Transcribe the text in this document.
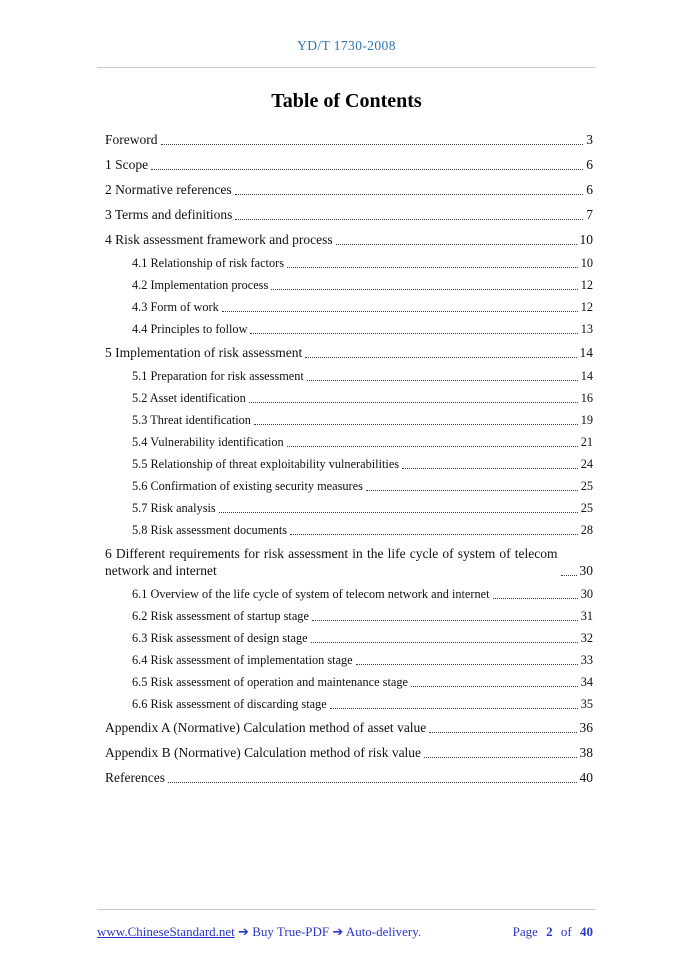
YD/T 1730-2008
Table of Contents
Foreword	3
1 Scope	6
2 Normative references	6
3 Terms and definitions	7
4 Risk assessment framework and process	10
4.1 Relationship of risk factors	10
4.2 Implementation process	12
4.3 Form of work	12
4.4 Principles to follow	13
5 Implementation of risk assessment	14
5.1 Preparation for risk assessment	14
5.2 Asset identification	16
5.3 Threat identification	19
5.4 Vulnerability identification	21
5.5 Relationship of threat exploitability vulnerabilities	24
5.6 Confirmation of existing security measures	25
5.7 Risk analysis	25
5.8 Risk assessment documents	28
6 Different requirements for risk assessment in the life cycle of system of telecom network and internet	30
6.1 Overview of the life cycle of system of telecom network and internet	30
6.2 Risk assessment of startup stage	31
6.3 Risk assessment of design stage	32
6.4 Risk assessment of implementation stage	33
6.5 Risk assessment of operation and maintenance stage	34
6.6 Risk assessment of discarding stage	35
Appendix A (Normative) Calculation method of asset value	36
Appendix B (Normative) Calculation method of risk value	38
References	40
www.ChineseStandard.net ➔ Buy True-PDF ➔ Auto-delivery.	Page 2 of 40
